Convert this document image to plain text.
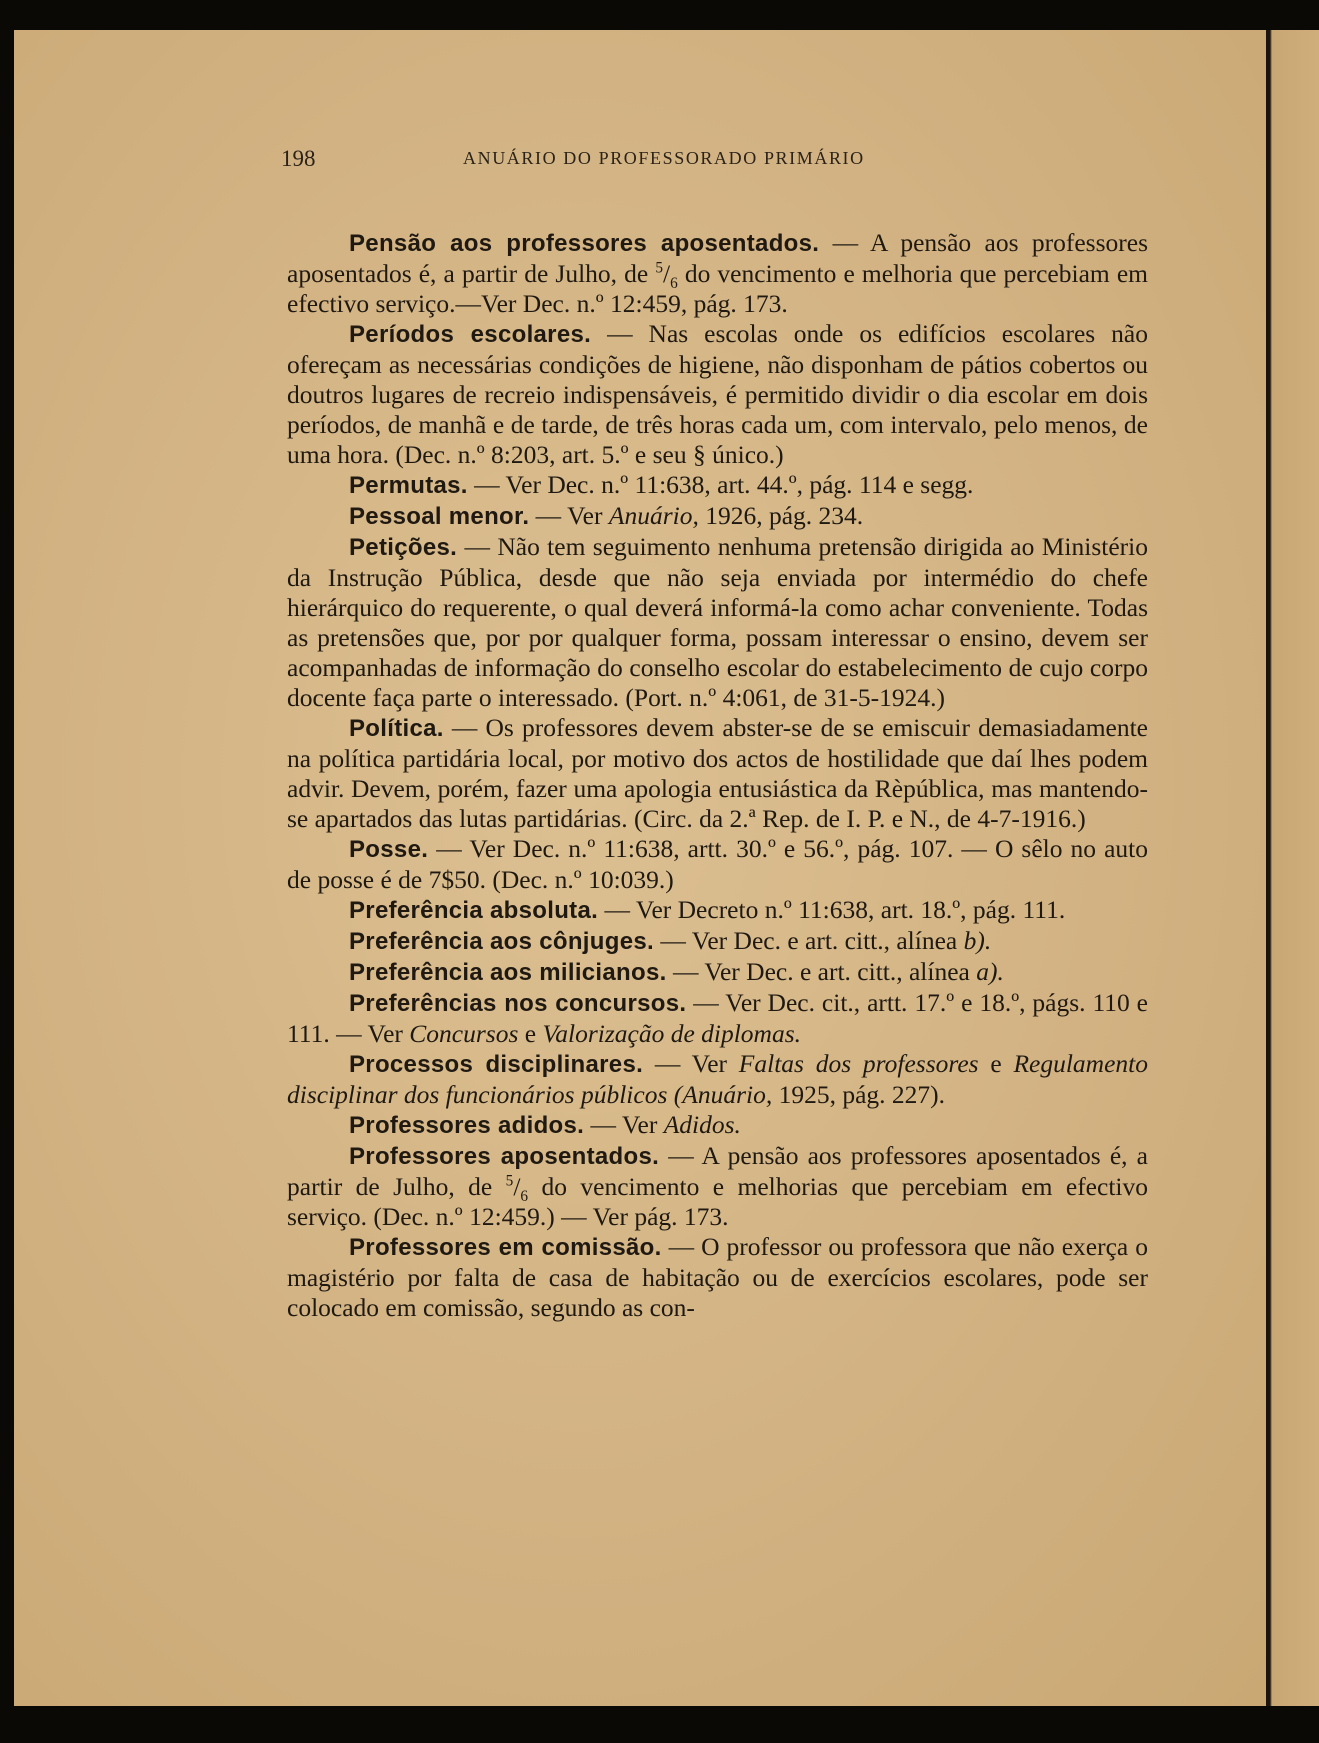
198	ANUÁRIO DO PROFESSORADO PRIMÁRIO

Pensão aos professores aposentados. — A pensão aos professores aposentados é, a partir de Julho, de $^5/_6$ do vencimento e melhoria que percebiam em efectivo serviço.—Ver Dec. n.º 12:459, pág. 173.

Períodos escolares. — Nas escolas onde os edifícios escolares não ofereçam as necessárias condições de higiene, não disponham de pátios cobertos ou doutros lugares de recreio indispensáveis, é permitido dividir o dia escolar em dois períodos, de manhã e de tarde, de três horas cada um, com intervalo, pelo menos, de uma hora. (Dec. n.º 8:203, art. 5.º e seu § único.)

Permutas. — Ver Dec. n.º 11:638, art. 44.º, pág. 114 e segg.

Pessoal menor. — Ver Anuário, 1926, pág. 234.

Petições. — Não tem seguimento nenhuma pretensão dirigida ao Ministério da Instrução Pública, desde que não seja enviada por intermédio do chefe hierárquico do requerente, o qual deverá informá-la como achar conveniente. Todas as pretensões que, por por qualquer forma, possam interessar o ensino, devem ser acompanhadas de informação do conselho escolar do estabelecimento de cujo corpo docente faça parte o interessado. (Port. n.º 4:061, de 31-5-1924.)

Política. — Os professores devem abster-se de se emiscuir demasiadamente na política partidária local, por motivo dos actos de hostilidade que daí lhes podem advir. Devem, porém, fazer uma apologia entusiástica da Rèpública, mas mantendo-se apartados das lutas partidárias. (Circ. da 2.ª Rep. de I. P. e N., de 4-7-1916.)

Posse. — Ver Dec. n.º 11:638, artt. 30.º e 56.º, pág. 107. — O sêlo no auto de posse é de 7$50. (Dec. n.º 10:039.)

Preferência absoluta. — Ver Decreto n.º 11:638, art. 18.º, pág. 111.

Preferência aos cônjuges. — Ver Dec. e art. citt., alínea b).

Preferência aos milicianos. — Ver Dec. e art. citt., alínea a).

Preferências nos concursos. — Ver Dec. cit., artt. 17.º e 18.º, págs. 110 e 111. — Ver Concursos e Valorização de diplomas.

Processos disciplinares. — Ver Faltas dos professores e Regulamento disciplinar dos funcionários públicos (Anuário, 1925, pág. 227).

Professores adidos. — Ver Adidos.

Professores aposentados. — A pensão aos professores aposentados é, a partir de Julho, de $^5/_6$ do vencimento e melhorias que percebiam em efectivo serviço. (Dec. n.º 12:459.) — Ver pág. 173.

Professores em comissão. — O professor ou professora que não exerça o magistério por falta de casa de habitação ou de exercícios escolares, pode ser colocado em comissão, segundo as con-
